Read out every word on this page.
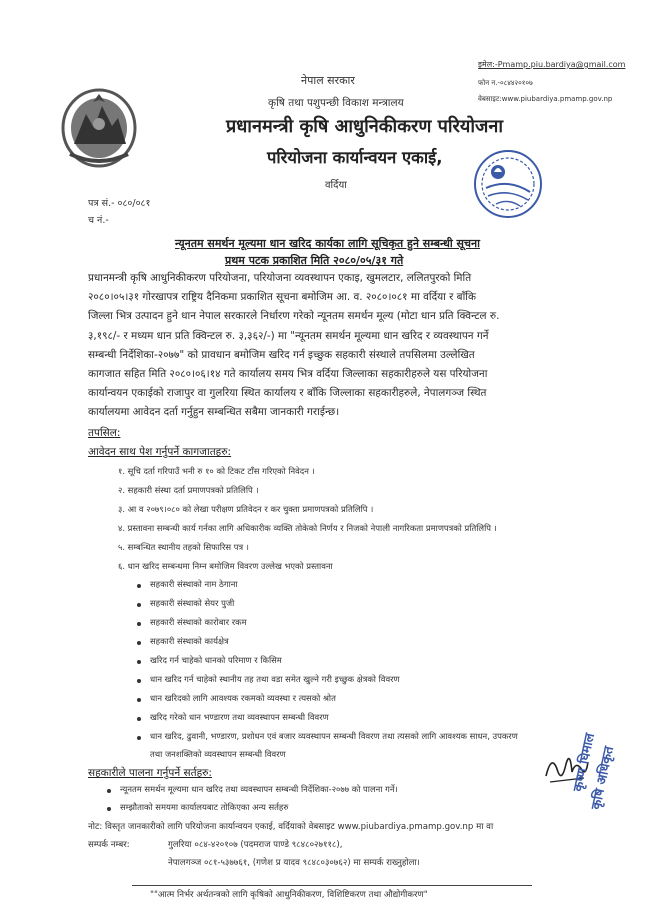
इमेल:-Pmamp.piu.bardiya@gmail.com
फोन न.-०८४४२०१०७
वेबसाइट:www.piubardiya.pmamp.gov.np
नेपाल सरकार
कृषि तथा पशुपन्छी विकाश मन्त्रालय
प्रधानमन्त्री कृषि आधुनिकीकरण परियोजना
परियोजना कार्यान्वयन एकाई,
वर्दिया
पत्र सं.- ०८०/०८१
च नं.-
न्यूनतम समर्थन मूल्यमा धान खरिद कार्यका लागि सूचिकृत हुने सम्बन्धी सूचना
प्रथम पटक प्रकाशित मिति २०८०/०५/३१ गते
प्रधानमन्त्री कृषि आधुनिकीकरण परियोजना, परियोजना व्यवस्थापन एकाइ, खुमलटार, ललितपुरको मिति
२०८०।०५।३१ गोरखापत्र राष्ट्रिय दैनिकमा प्रकाशित सूचना बमोजिम आ. व. २०८०।०८१ मा वर्दिया र बाँकि
जिल्ला भित्र उत्पादन हुने धान नेपाल सरकारले निर्धारण गरेको न्यूनतम समर्थन मूल्य (मोटा धान प्रति क्विन्टल रु.
३,१९८/- र मध्यम धान प्रति क्विन्टल रु. ३,३६२/-) मा "न्यूनतम समर्थन मूल्यमा धान खरिद र व्यवस्थापन गर्ने
सम्बन्धी निर्देशिका-२०७७" को प्रावधान बमोजिम खरिद गर्न इच्छुक सहकारी संस्थाले तपसिलमा उल्लेखित
कागजात सहित मिति २०८०।०६।१४ गते कार्यालय समय भित्र वर्दिया जिल्लाका सहकारीहरुले यस परियोजना
कार्यान्वयन एकाईको राजापुर वा गुलरिया स्थित कार्यालय र बाँकि जिल्लाका सहकारीहरुले, नेपालगञ्ज स्थित
कार्यालयमा आवेदन दर्ता गर्नुहुन सम्बन्धित सबैमा जानकारी गराईन्छ।
तपसिल:
आवेदन साथ पेश गर्नुपर्ने कागजातहरु:
१. सूचि दर्ता गरिपाउँ भनी रु १० को टिकट टाँस गरिएको निवेदन ।
२. सहकारी संस्था दर्ता प्रमाणपत्रको प्रतिलिपि ।
३. आ व २०७९।०८० को लेखा परीक्षण प्रतिवेदन र कर चुक्ता प्रमाणपत्रको प्रतिलिपि ।
४. प्रस्तावना सम्बन्धी कार्य गर्नका लागि अधिकारीक व्यक्ति तोकेको निर्णय र निजको नेपाली नागरिकता प्रमाणपत्रको प्रतिलिपि ।
५. सम्बन्धित स्थानीय तहको सिफारिस पत्र ।
६. धान खरिद सम्बन्धमा निम्न बमोजिम विवरण उल्लेख भएको प्रस्तावना
सहकारी संस्थाको नाम ठेगाना
सहकारी संस्थाको सेयर पुजी
सहकारी संस्थाको कारोबार रकम
सहकारी संस्थाको कार्यक्षेत्र
खरिद गर्न चाहेको धानको परिमाण र किसिम
धान खरिद गर्न चाहेको स्थानीय तह तथा वडा समेत खुल्ने गरी इच्छुक क्षेत्रको विवरण
धान खरिदको लागि आवश्यक रकमको व्यवस्था र त्यसको श्रोत
खरिद गरेको धान भण्डारण तथा व्यवस्थापन सम्बन्धी विवरण
धान खरिद, ढुवानी, भण्डारण, प्रशोधन एवं बजार व्यवस्थापन सम्बन्धी विवरण तथा त्यसको लागि आवश्यक साधन, उपकरण
तथा जनशक्तिको व्यवस्थापन सम्बन्धी विवरण
सहकारीले पालना गर्नुपर्ने सर्तहरु:
न्यूनतम समर्थन मूल्यमा धान खरिद तथा व्यवस्थापन सम्बन्धी निर्देशिका-२०७७ को पालना गर्ने।
सम्झौताको समयमा कार्यालयबाट तोकिएका अन्य सर्तहरु
नोट: विस्तृत जानकारीको लागि परियोजना कार्यान्वयन एकाई, वर्दियाको वेबसाइट www.piubardiya.pmamp.gov.np मा वा
सम्पर्क नम्बर:	गुलरिया ०८४-४२०१०७ (पदमराज पाण्डे ९८४८०२७११८),
नेपालगञ्ज ०८१-५३७७६१, (गणेश प्र यादव ९८४८०३०७६२) मा सम्पर्क राख्नुहोला।
कृष्ण घिमाल
कृषि अधिकृत
""आत्म निर्भर अर्थतन्त्रको लागि कृषिको आधुनिकीकरण, विशिष्टिकरण तथा औद्योगीकरण"
